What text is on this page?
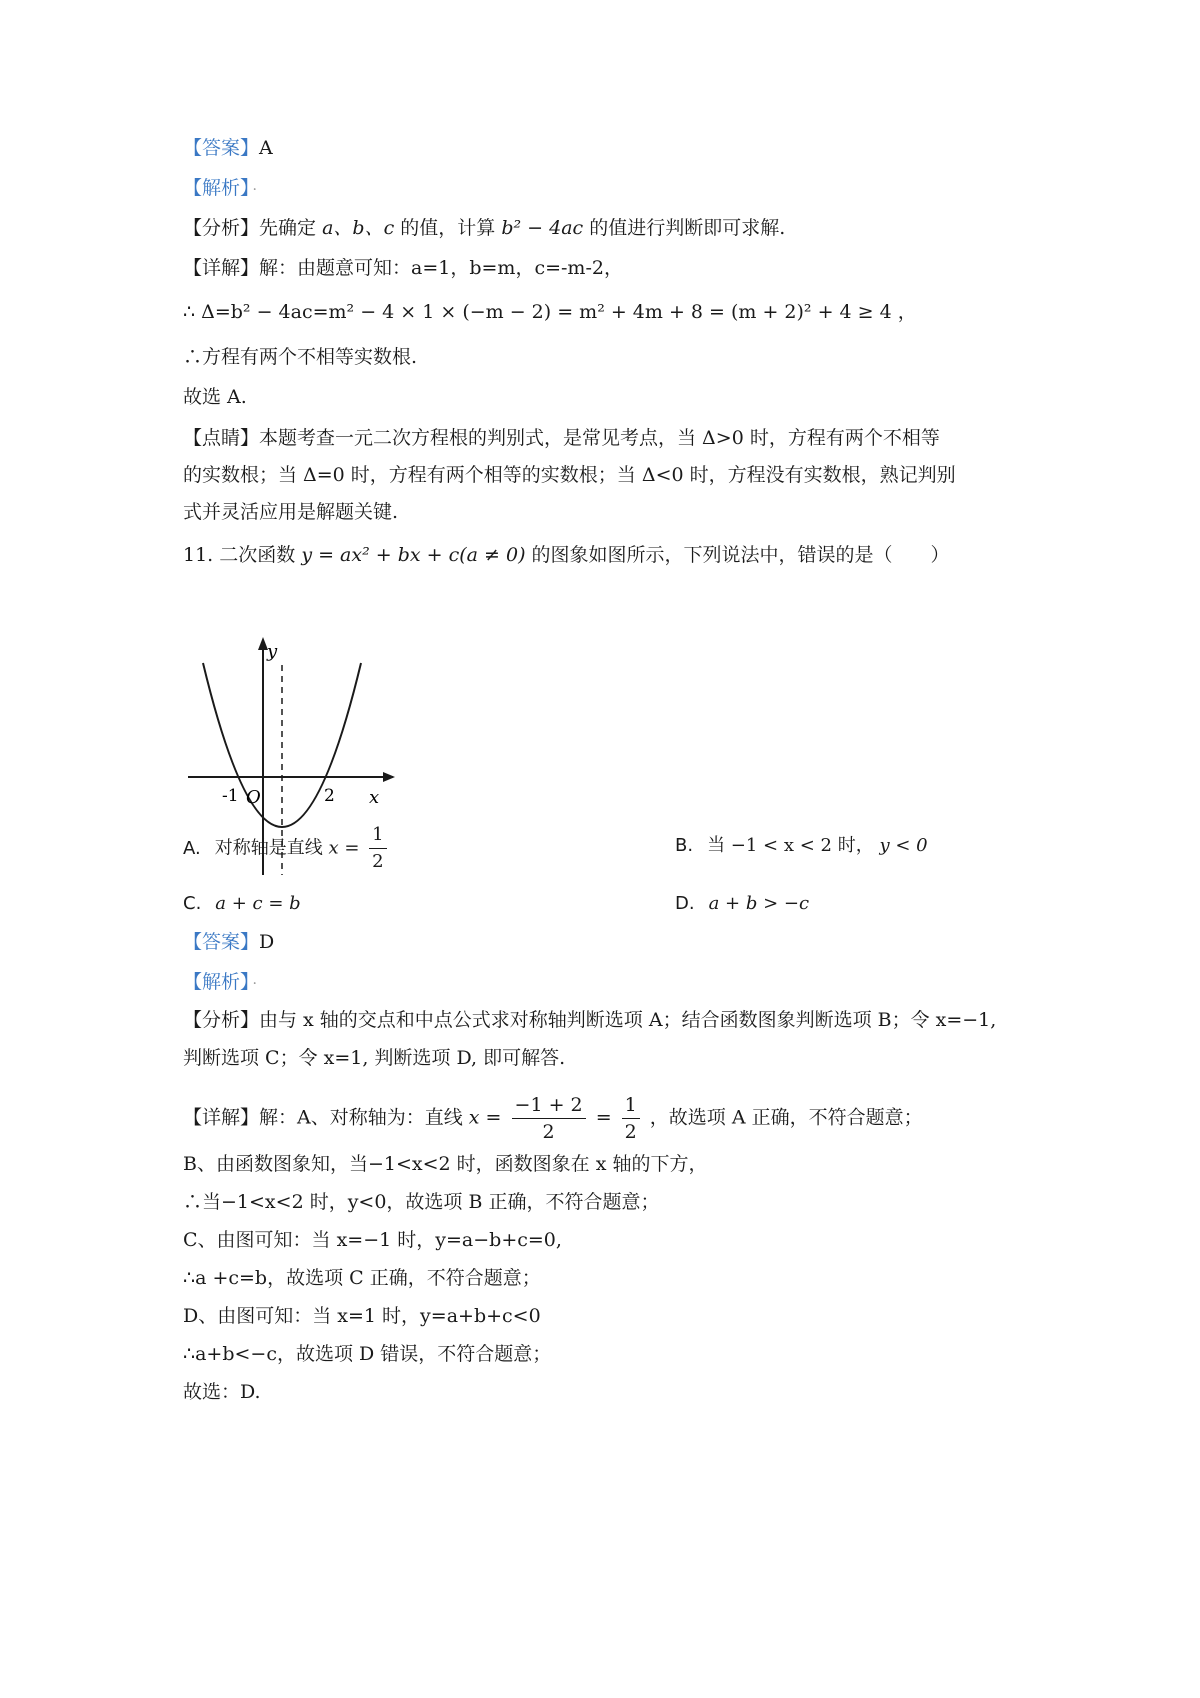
【答案】A
【解析】 ·
【分析】先确定 a、b、c 的值，计算 b² − 4ac 的值进行判断即可求解.
【详解】解：由题意可知：a=1，b=m，c=-m-2，
∴ Δ=b² − 4ac=m² − 4 × 1 × (−m − 2) = m² + 4m + 8 = (m + 2)² + 4 ≥ 4 ，
∴方程有两个不相等实数根.
故选 A.
【点睛】本题考查一元二次方程根的判别式，是常见考点，当 Δ>0 时，方程有两个不相等
的实数根；当 Δ=0 时，方程有两个相等的实数根；当 Δ<0 时，方程没有实数根，熟记判别
式并灵活应用是解题关键.
11. 二次函数 y = ax² + bx + c(a ≠ 0) 的图象如图所示，下列说法中，错误的是（　　）
y
x
O
-1	2
A. 对称轴是直线 $x = \frac{1}{2}$	B. 当 −1 < x < 2 时， y < 0
C. a + c = b	D. a + b > −c
【答案】D
【解析】 ·
【分析】由与 x 轴的交点和中点公式求对称轴判断选项 A；结合函数图象判断选项 B；令 x=−1,
判断选项 C；令 x=1, 判断选项 D, 即可解答.
【详解】解：A、对称轴为：直线 $x = \frac{-1 + 2}{2} = \frac{1}{2}$ ，故选项 A 正确，不符合题意；
B、由函数图象知，当−1<x<2 时，函数图象在 x 轴的下方，
∴当−1<x<2 时，y<0，故选项 B 正确，不符合题意；
C、由图可知：当 x=−1 时，y=a−b+c=0,
∴a +c=b，故选项 C 正确，不符合题意；
D、由图可知：当 x=1 时，y=a+b+c<0
∴a+b<−c，故选项 D 错误，不符合题意；
故选：D.
